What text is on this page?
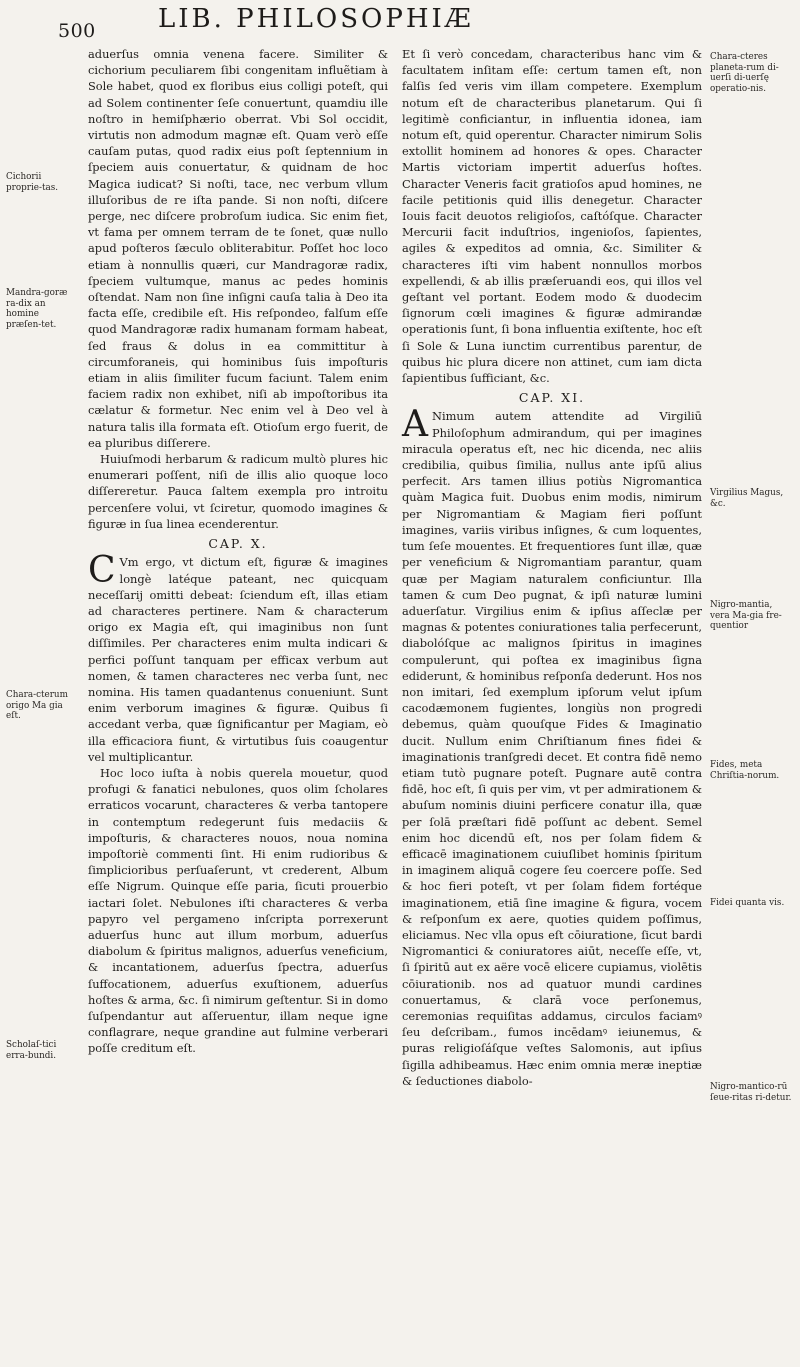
500 LIB. PHILOSOPHIÆ

aduerſus omnia venena facere. Similiter & cichorium peculiarem ſibi congenitam influẽtiam à Sole habet, quod ex floribus eius colligi poteſt, qui ad Solem continenter ſeſe conuertunt, quamdiu ille noſtro in hemiſphærio oberrat. Vbi Sol occidit, virtutis non admodum magnæ eſt. Quam verò eſſe cauſam putas, quod radix eius poſt ſeptennium in ſpeciem auis conuertatur, & quidnam de hoc Magica iudicat? Si noſti, tace, nec verbum vllum illuſoribus de re iſta pande. Si non noſti, diſcere perge, nec diſcere probroſum iudica. Sic enim fiet, vt fama per omnem terram de te ſonet, quæ nullo apud poſteros ſæculo obliterabitur. Poſſet hoc loco etiam à nonnullis quæri, cur Mandragoræ radix, ſpeciem vultumque, manus ac pedes hominis oſtendat. Nam non ſine inſigni cauſa talia à Deo ita facta eſſe, credibile eſt. His reſpondeo, falſum eſſe quod Mandragoræ radix humanam formam habeat, ſed fraus & dolus in ea committitur à circumforaneis, qui hominibus ſuis impoſturis etiam in aliis ſimiliter fucum faciunt. Talem enim faciem radix non exhibet, niſi ab impoſtoribus ita cælatur & formetur. Nec enim vel à Deo vel à natura talis illa formata eſt. Otioſum ergo fuerit, de ea pluribus diſſerere.

Huiuſmodi herbarum & radicum multò plures hic enumerari poſſent, niſi de illis alio quoque loco diſſereretur. Pauca ſaltem exempla pro introitu percenſere volui, vt ſciretur, quomodo imagines & figuræ in ſua linea ecenderentur.

CAP. X.

C Vm ergo, vt dictum eſt, figuræ & imagines longè latéque pateant, nec quicquam neceſſarij omitti debeat: ſciendum eſt, illas etiam ad characteres pertinere. Nam & characterum origo ex Magia eſt, qui imaginibus non ſunt diſſimiles. Per characteres enim multa indicari & perfici poſſunt tanquam per efficax verbum aut nomen, & tamen characteres nec verba ſunt, nec nomina. His tamen quadantenus conueniunt. Sunt enim verborum imagines & figuræ. Quibus ſi accedant verba, quæ ſignificantur per Magiam, eò illa efficaciora fiunt, & virtutibus ſuis coaugentur vel multiplicantur.

Hoc loco iuſta à nobis querela mouetur, quod profugi & fanatici nebulones, quos olim ſcholares erraticos vocarunt, characteres & verba tantopere in contemptum redegerunt ſuis medaciis & impoſturis, & characteres nouos, noua nomina impoſtoriè commenti ſint. Hi enim rudioribus & ſimplicioribus perſuaſerunt, vt crederent, Album eſſe Nigrum. Quinque eſſe paria, ſicuti prouerbio iactari ſolet. Nebulones iſti characteres & verba papyro vel pergameno inſcripta porrexerunt aduerſus hunc aut illum morbum, aduerſus diabolum & ſpiritus malignos, aduerſus veneficium, & incantationem, aduerſus ſpectra, aduerſus ſuffocationem, aduerſus exuſtionem, aduerſus hoſtes & arma, &c. ſi nimirum geſtentur. Si in domo ſuſpendantur aut aſſeruentur, illam neque igne conflagrare, neque grandine aut fulmine verberari poſſe creditum eſt.

Et ſi verò concedam, characteribus hanc vim & facultatem inſitam eſſe: certum tamen eſt, non falſis ſed veris vim illam competere. Exemplum notum eſt de characteribus planetarum. Qui ſi legitimè conficiantur, in influentia idonea, iam notum eſt, quid operentur. Character nimirum Solis extollit hominem ad honores & opes. Character Martis victoriam impertit aduerſus hoſtes. Character Veneris facit gratioſos apud homines, ne facile petitionis quid illis denegetur. Character Iouis facit deuotos religioſos, caſtóſque. Character Mercurii facit induſtrios, ingenioſos, ſapientes, agiles & expeditos ad omnia, &c. Similiter & characteres iſti vim habent nonnullos morbos expellendi, & ab illis præſeruandi eos, qui illos vel geſtant vel portant. Eodem modo & duodecim ſignorum cœli imagines & figuræ admirandæ operationis ſunt, ſi bona influentia exiſtente, hoc eſt ſi Sole & Luna iunctim currentibus parentur, de quibus hic plura dicere non attinet, cum iam dicta ſapientibus ſufficiant, &c.

CAP. XI.

A Nimum autem attendite ad Virgiliū Philoſophum admirandum, qui per imagines miracula operatus eſt, nec hic dicenda, nec aliis credibilia, quibus ſimilia, nullus ante ipſū alius perfecit. Ars tamen illius potiùs Nigromantica quàm Magica fuit. Duobus enim modis, nimirum per Nigromantiam & Magiam fieri poſſunt imagines, variis viribus inſignes, & cum loquentes, tum ſeſe mouentes. Et frequentiores ſunt illæ, quæ per veneficium & Nigromantiam parantur, quam quæ per Magiam naturalem conficiuntur. Illa tamen & cum Deo pugnat, & ipſi naturæ lumini aduerſatur. Virgilius enim & ipſius aſſeclæ per magnas & potentes coniurationes talia perfecerunt, diabolóſque ac malignos ſpiritus in imagines compulerunt, qui poſtea ex imaginibus ſigna ediderunt, & hominibus reſponſa dederunt. Hos nos non imitari, ſed exemplum ipſorum velut ipſum cacodæmonem fugientes, longiùs non progredi debemus, quàm quouſque Fides & Imaginatio ducit. Nullum enim Chriſtianum fines fidei & imaginationis tranſgredi decet. Et contra fidē nemo etiam tutò pugnare poteſt. Pugnare autē contra fidē, hoc eſt, ſi quis per vim, vt per admirationem & abuſum nominis diuini perficere conatur illa, quæ per ſolā præſtari fidē poſſunt ac debent. Semel enim hoc dicendū eſt, nos per ſolam fidem & efficacē imaginationem cuiuſlibet hominis ſpiritum in imaginem aliquā cogere ſeu coercere poſſe. Sed & hoc fieri poteſt, vt per ſolam fidem fortéque imaginationem, etiā ſine imagine & figura, vocem & reſponſum ex aere, quoties quidem poſſimus, eliciamus. Nec vlla opus eſt cōiuratione, ſicut bardi Nigromantici & coniuratores aiūt, neceſſe eſſe, vt, ſi ſpiritū aut ex aëre vocē elicere cupiamus, violētis cōiurationib. nos ad quatuor mundi cardines conuertamus, & clarā voce perſonemus, ceremonias requiſitas addamus, circulos faciamꝰ ſeu deſcribam., fumos incēdamꝰ ieiunemus, & puras religioſáſque veſtes Salomonis, aut ipſius ſigilla adhibeamus. Hæc enim omnia meræ ineptiæ & ſeductiones diabolo-

Cichorii proprie-tas.
Mandra-goræ ra-dix an homine præſen-tet.
Chara-cterum origo Ma gia eſt.
Scholaſ-tici erra-bundi.
Chara-cteres planeta-rum di-uerſi di-uerſę operatio-nis.
Virgilius Magus, &c.
Nigro-mantia, vera Ma-gia fre-quentior
Fides, meta Chriſtia-norum.
Fidei quanta vis.
Nigro-mantico-rū ſeue-ritas ri-detur.
